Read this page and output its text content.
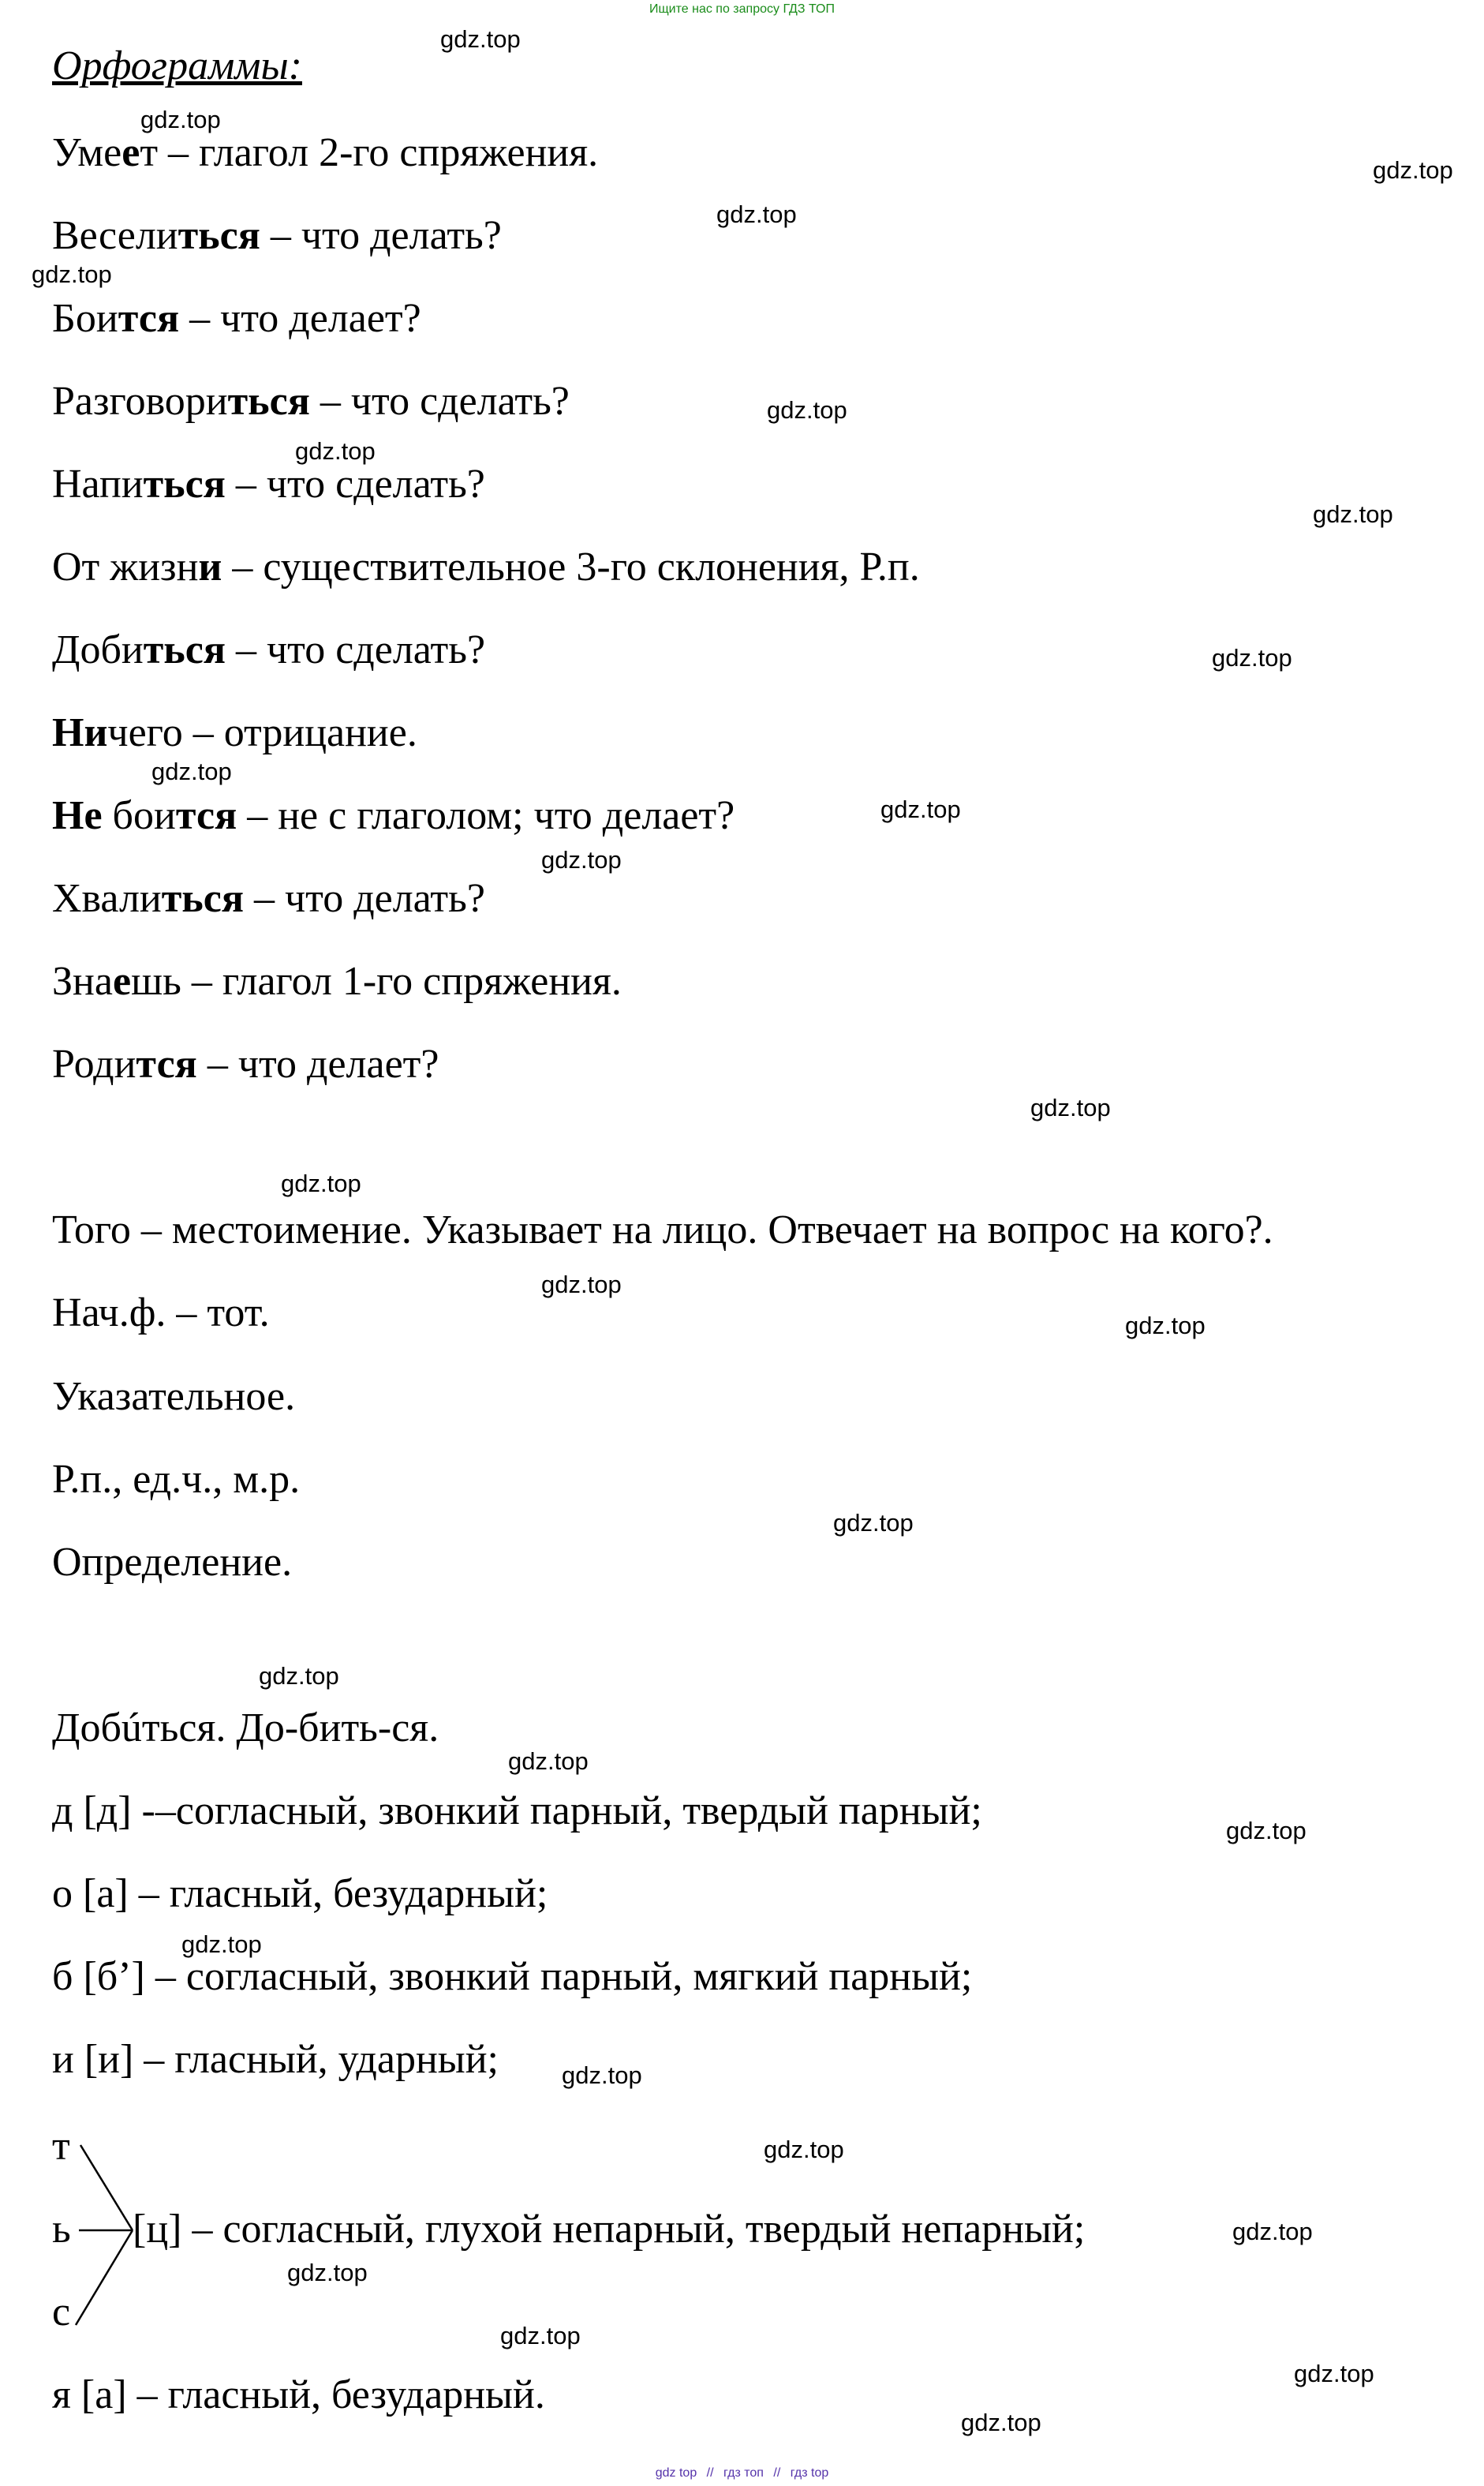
Ищите нас по запросу ГДЗ ТОП
Орфограммы:
Умеет – глагол 2-го спряжения.
Веселиться – что делать?
Боится – что делает?
Разговориться – что сделать?
Напиться – что сделать?
От жизни – существительное 3-го склонения, Р.п.
Добиться – что сделать?
Ничего – отрицание.
Не боится – не с глаголом; что делает?
Хвалиться – что делать?
Знаешь – глагол 1-го спряжения.
Родится – что делает?
Того – местоимение. Указывает на лицо. Отвечает на вопрос на кого?.
Нач.ф. – тот.
Указательное.
Р.п., ед.ч., м.р.
Определение.
Добúться. До-бить-ся.
д [д] -–согласный, звонкий парный, твердый парный;
о [а] – гласный, безударный;
б [б’] – согласный, звонкий парный, мягкий парный;
и [и] – гласный, ударный;
т
ь
с
[ц] – согласный, глухой непарный, твердый непарный;
я [а] – гласный, безударный.
gdz.top
gdz.top
gdz.top
gdz.top
gdz.top
gdz.top
gdz.top
gdz.top
gdz.top
gdz.top
gdz.top
gdz.top
gdz.top
gdz.top
gdz.top
gdz.top
gdz.top
gdz.top
gdz.top
gdz.top
gdz.top
gdz.top
gdz.top
gdz.top
gdz.top
gdz.top
gdz.top
gdz.top
gdz top // гдз топ // гдз top
